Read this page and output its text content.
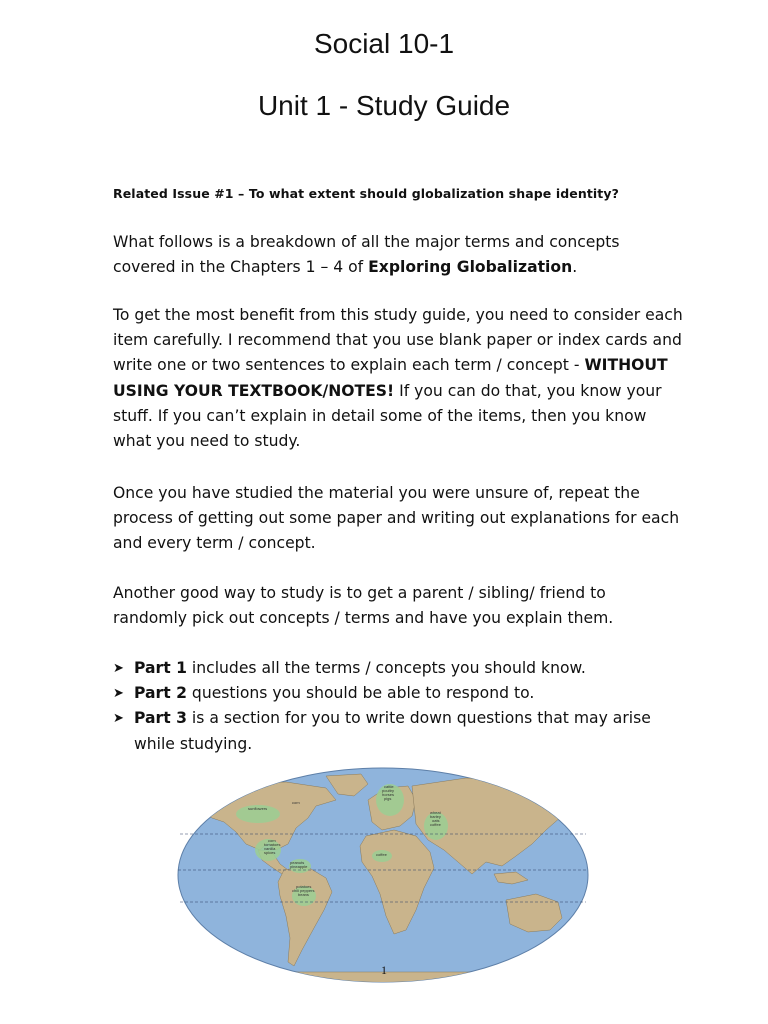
Social 10-1
Unit 1 - Study Guide
Related Issue #1 – To what extent should globalization shape identity?

What follows is a breakdown of all the major terms and concepts covered in the Chapters 1 – 4 of Exploring Globalization.

To get the most benefit from this study guide, you need to consider each item carefully. I recommend that you use blank paper or index cards and write one or two sentences to explain each term / concept - WITHOUT USING YOUR TEXTBOOK/NOTES! If you can do that, you know your stuff. If you can’t explain in detail some of the items, then you know what you need to study.

Once you have studied the material you were unsure of, repeat the process of getting out some paper and writing out explanations for each and every term / concept.

Another good way to study is to get a parent / sibling/ friend to randomly pick out concepts / terms and have you explain them.

➤ Part 1 includes all the terms / concepts you should know.
➤ Part 2 questions you should be able to respond to.
➤ Part 3 is a section for you to write down questions that may arise while studying.
sunflowers
corn
corn
tomatoes
vanilla
spices
peanuts
pineapple
potatoes
chili peppers
beans
cattle
poultry
horses
pigs
wheat
barley
oats
coffee
coffee
1
